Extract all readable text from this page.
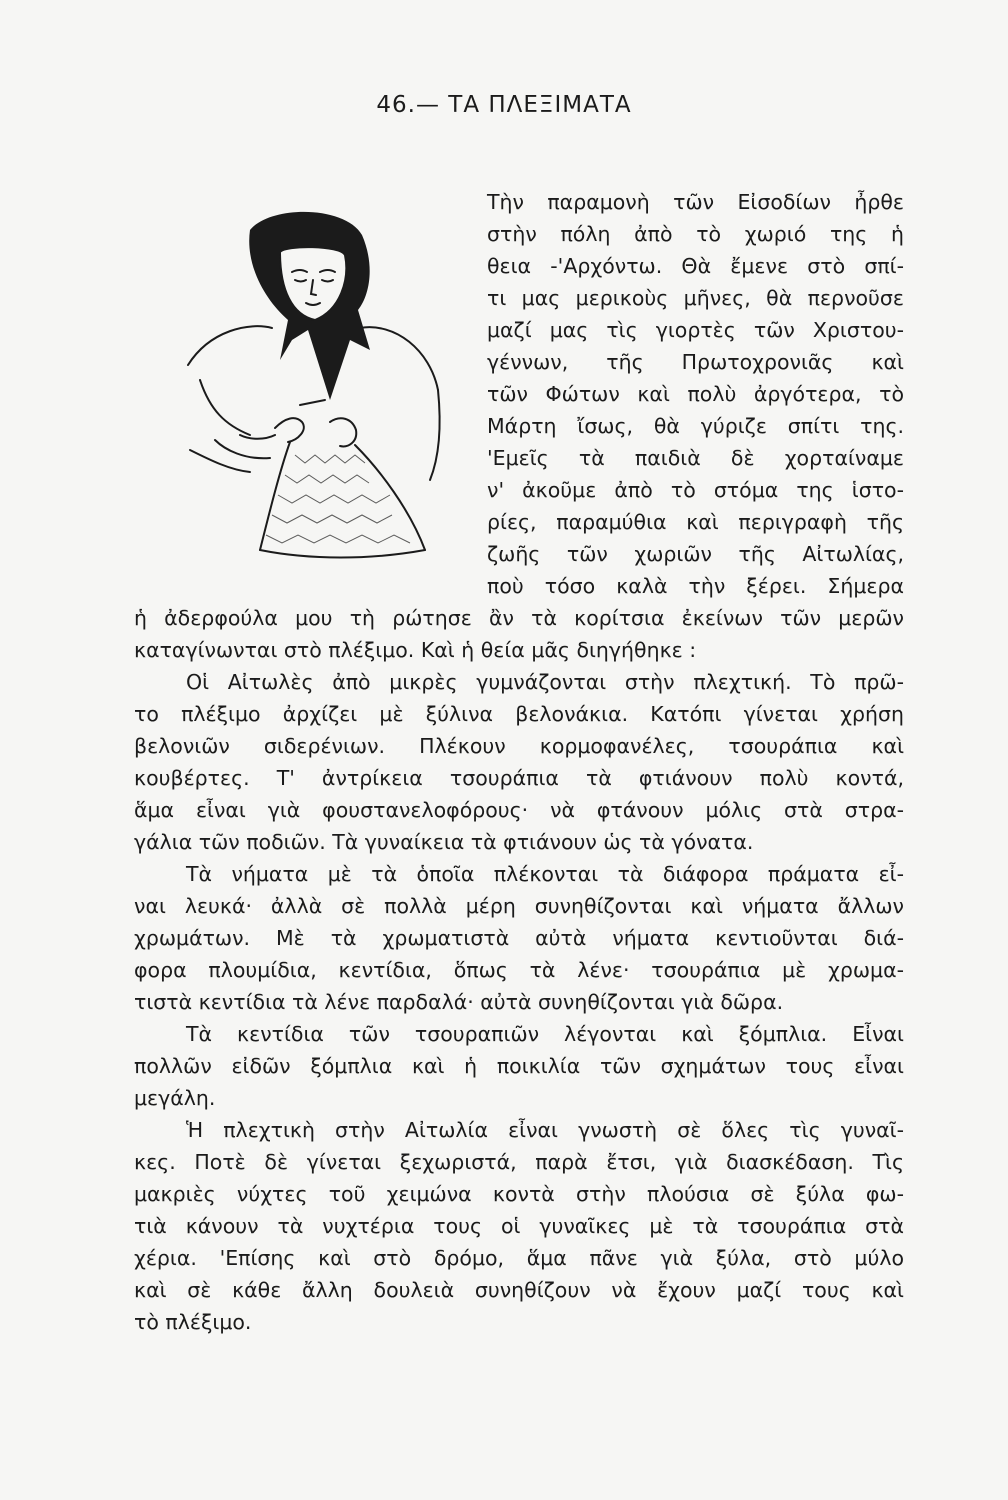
46.— ΤΑ ΠΛΕΞΙΜΑΤΑ
Τὴν παραμονὴ τῶν Εἰσοδίων ἦρθε
στὴν πόλη ἀπὸ τὸ χωριό της ἡ
θεια -'Αρχόντω. Θὰ ἔμενε στὸ σπί-
τι μας μερικοὺς μῆνες, θὰ περνοῦσε
μαζί μας τὶς γιορτὲς τῶν Χριστου-
γέννων, τῆς Πρωτοχρονιᾶς καὶ
τῶν Φώτων καὶ πολὺ ἀργότερα, τὸ
Μάρτη ἴσως, θὰ γύριζε σπίτι της.
'Εμεῖς τὰ παιδιὰ δὲ χορταίναμε
ν' ἀκοῦμε ἀπὸ τὸ στόμα της ἱστο-
ρίες, παραμύθια καὶ περιγραφὴ τῆς
ζωῆς τῶν χωριῶν τῆς Αἰτωλίας,
ποὺ τόσο καλὰ τὴν ξέρει. Σήμερα
ἡ ἀδερφούλα μου τὴ ρώτησε ἂν τὰ κορίτσια ἐκείνων τῶν μερῶν
καταγίνωνται στὸ πλέξιμο. Καὶ ἡ θεία μᾶς διηγήθηκε :
Οἱ Αἰτωλὲς ἀπὸ μικρὲς γυμνάζονται στὴν πλεχτική. Τὸ πρῶ-
το πλέξιμο ἀρχίζει μὲ ξύλινα βελονάκια. Κατόπι γίνεται χρήση
βελονιῶν σιδερένιων. Πλέκουν κορμοφανέλες, τσουράπια καὶ
κουβέρτες. Τ' ἀντρίκεια τσουράπια τὰ φτιάνουν πολὺ κοντά,
ἅμα εἶναι γιὰ φουστανελοφόρους· νὰ φτάνουν μόλις στὰ στρα-
γάλια τῶν ποδιῶν. Τὰ γυναίκεια τὰ φτιάνουν ὡς τὰ γόνατα.
Τὰ νήματα μὲ τὰ ὁποῖα πλέκονται τὰ διάφορα πράματα εἶ-
ναι λευκά· ἀλλὰ σὲ πολλὰ μέρη συνηθίζονται καὶ νήματα ἄλλων
χρωμάτων. Μὲ τὰ χρωματιστὰ αὐτὰ νήματα κεντιοῦνται διά-
φορα πλουμίδια, κεντίδια, ὅπως τὰ λένε· τσουράπια μὲ χρωμα-
τιστὰ κεντίδια τὰ λένε παρδαλά· αὐτὰ συνηθίζονται γιὰ δῶρα.
Τὰ κεντίδια τῶν τσουραπιῶν λέγονται καὶ ξόμπλια. Εἶναι
πολλῶν εἰδῶν ξόμπλια καὶ ἡ ποικιλία τῶν σχημάτων τους εἶναι
μεγάλη.
Ἡ πλεχτικὴ στὴν Αἰτωλία εἶναι γνωστὴ σὲ ὅλες τὶς γυναῖ-
κες. Ποτὲ δὲ γίνεται ξεχωριστά, παρὰ ἔτσι, γιὰ διασκέδαση. Τὶς
μακριὲς νύχτες τοῦ χειμώνα κοντὰ στὴν πλούσια σὲ ξύλα φω-
τιὰ κάνουν τὰ νυχτέρια τους οἱ γυναῖκες μὲ τὰ τσουράπια στὰ
χέρια. 'Επίσης καὶ στὸ δρόμο, ἅμα πᾶνε γιὰ ξύλα, στὸ μύλο
καὶ σὲ κάθε ἄλλη δουλειὰ συνηθίζουν νὰ ἔχουν μαζί τους καὶ
τὸ πλέξιμο.
